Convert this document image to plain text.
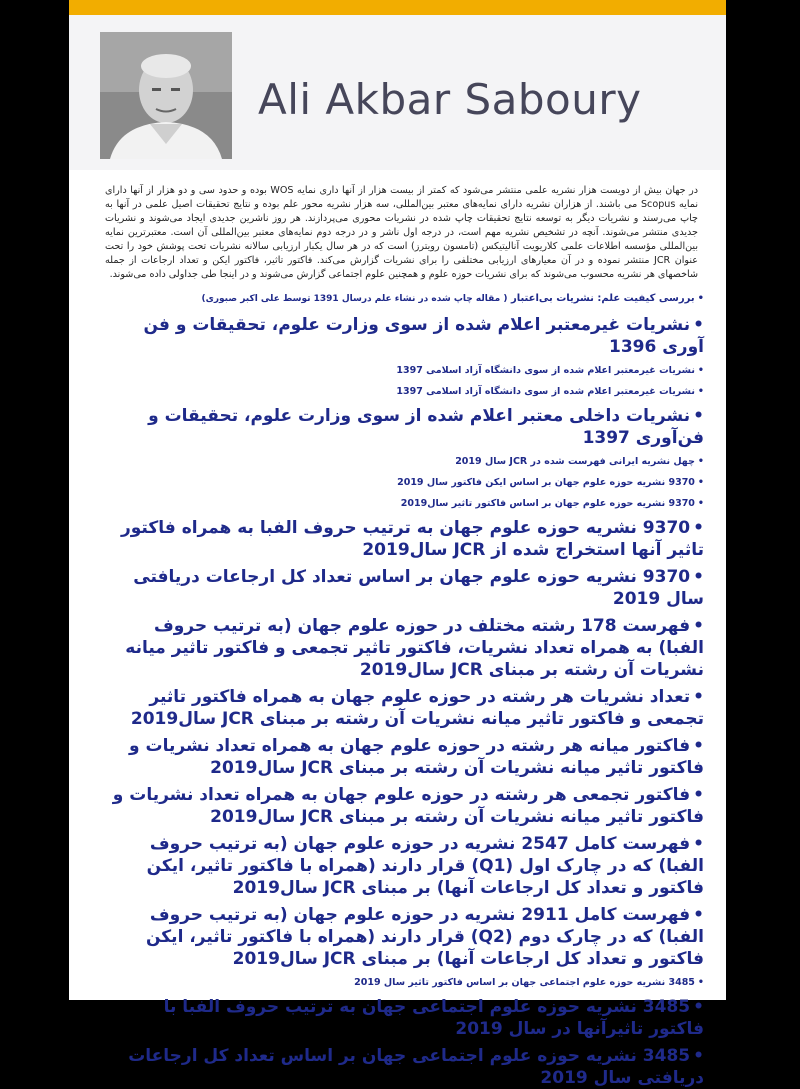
Ali Akbar Saboury
در جهان بیش از دویست هزار نشریه علمی منتشر می‌شود که کمتر از بیست هزار از آنها داری نمایه WOS بوده و حدود سی و دو هزار از آنها دارای نمایه Scopus می باشند. از هزاران نشریه دارای نمایه‌های معتبر بین‌المللی، سه هزار نشریه محور علم بوده و نتایج تحقیقات اصیل علمی در آنها به چاپ می‌رسند و نشریات دیگر به توسعه نتایج تحقیقات چاپ شده در نشریات محوری می‌پردازند. هر روز ناشرین جدیدی ایجاد می‌شوند و نشریات جدیدی منتشر می‌شوند. آنچه در تشخیص نشریه مهم است، در درجه اول ناشر و در درجه دوم نمایه‌های معتبر بین‌المللی آن است. معتبرترین نمایه بین‌المللی مؤسسه اطلاعات علمی کلاریویت آنالیتیکس (تامسون رویترز) است که در هر سال یکبار ارزیابی سالانه نشریات تحت پوشش خود را تحت عنوان JCR منتشر نموده و در آن معیارهای ارزیابی مختلفی را برای نشریات گزارش می‌کند. فاکتور تاثیر، فاکتور ایکن و تعداد ارجاعات از جمله شاخصهای هر نشریه محسوب می‌شوند که برای نشریات حوزه علوم و همچنین علوم اجتماعی گزارش می‌شوند و در اینجا طی جداولی داده می‌شوند.
•بررسی کیفیت علم: نشریات بی‌اعتبار ( مقاله چاپ شده در نشاء علم درسال 1391 توسط علی اکبر صبوری)
•نشریات غیرمعتبر اعلام شده از سوی وزارت علوم، تحقیقات و فن آوری 1396
•نشریات غیرمعتبر اعلام شده از سوی دانشگاه آزاد اسلامی 1397
•نشریات غیرمعتبر اعلام شده از سوی دانشگاه آزاد اسلامی 1397
•نشریات داخلی معتبر اعلام شده از سوی وزارت علوم، تحقیقات و فن‌آوری 1397
•چهل نشریه ایرانی فهرست شده در JCR سال 2019
•9370 نشریه حوزه علوم جهان بر اساس ایکن فاکتور سال 2019
•9370 نشریه حوزه علوم جهان بر اساس فاکتور تاثیر سال2019
•9370 نشریه حوزه علوم جهان به ترتیب حروف الفبا به همراه فاکتور تاثیر آنها استخراج شده از JCR سال2019
•9370 نشریه حوزه علوم جهان بر اساس تعداد کل ارجاعات دریافتی سال 2019
•فهرست 178 رشته مختلف در حوزه علوم جهان (به ترتیب حروف الفبا) به همراه تعداد نشریات، فاکتور تاثیر تجمعی و فاکتور تاثیر میانه نشریات آن رشته بر مبنای JCR سال2019
•تعداد نشریات هر رشته در حوزه علوم جهان به همراه فاکتور تاثیر تجمعی و فاکتور تاثیر میانه نشریات آن رشته بر مبنای JCR سال2019
•فاکتور میانه هر رشته در حوزه علوم جهان به همراه تعداد نشریات و فاکتور تاثیر میانه نشریات آن رشته بر مبنای JCR سال2019
•فاکتور تجمعی هر رشته در حوزه علوم جهان به همراه تعداد نشریات و فاکتور تاثیر میانه نشریات آن رشته بر مبنای JCR سال2019
•فهرست کامل 2547 نشریه در حوزه علوم جهان (به ترتیب حروف الفبا) که در چارک اول (Q1) قرار دارند (همراه با فاکتور تاثیر، ایکن فاکتور و تعداد کل ارجاعات آنها) بر مبنای JCR سال2019
•فهرست کامل 2911 نشریه در حوزه علوم جهان (به ترتیب حروف الفبا) که در چارک دوم (Q2) قرار دارند (همراه با فاکتور تاثیر، ایکن فاکتور و تعداد کل ارجاعات آنها) بر مبنای JCR سال2019
•3485 نشریه حوزه علوم اجتماعی جهان بر اساس فاکتور تاثیر سال 2019
•3485 نشریه حوزه علوم اجتماعی جهان به ترتیب حروف الفبا با فاکتور تاثیرآنها در سال 2019
•3485 نشریه حوزه علوم اجتماعی جهان بر اساس تعداد کل ارجاعات دریافتی سال 2019
